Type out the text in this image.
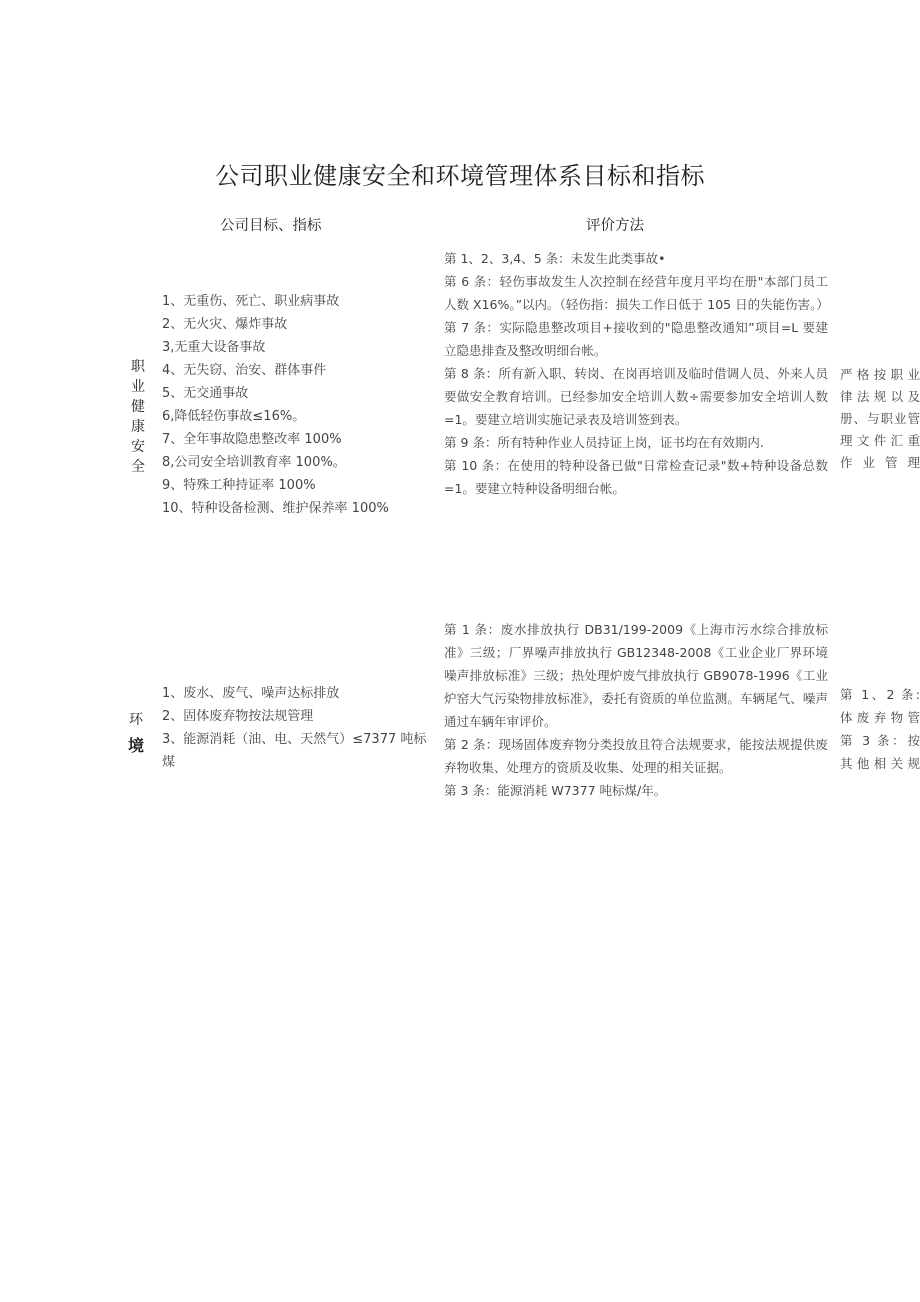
公司职业健康安全和环境管理体系目标和指标
公司目标、指标	评价方法
职业健康安全
1、无重伤、死亡、职业病事故
2、无火灾、爆炸事故
3,无重大设备事故
4、无失窃、治安、群体事件
5、无交通事故
6,降低轻伤事故≤16%。
7、全年事故隐患整改率 100%
8,公司安全培训教育率 100%。
9、特殊工种持证率 100%
10、特种设备检测、维护保养率 100%

第 1、2、3,4、5 条：未发生此类事故•

第 6 条：轻伤事故发生人次控制在经营年度月平均在册"本部门员工人数 X16%。”以内。（轻伤指：损失工作日低于 105 日的失能伤害。）

第 7 条：实际隐患整改项目+接收到的"隐患整改通知”项目=L 要建立隐患排查及整改明细台帐。

第 8 条：所有新入职、转岗、在岗再培训及临时借调人员、外来人员要做安全教育培训。已经参加安全培训人数÷需要参加安全培训人数=1。要建立培训实施记录表及培训签到表。

第 9 条：所有特种作业人员持证上岗，证书均在有效期内.

第 10 条：在使用的特种设备已做"日常检查记录"数+特种设备总数=1。要建立特种设备明细台帐。

严格按职业
律法规以及
册、与职业管
理文件汇重
作业管理
环
境
1、废水、废气、噪声达标排放
2、固体废弃物按法规管理
3、能源消耗（油、电、天然气）≤7377 吨标煤

第 1 条：废水排放执行 DB31/199-2009《上海市污水综合排放标准》三级；厂界噪声排放执行 GB12348-2008《工业企业厂界环境噪声排放标准》三级；热处理炉废气排放执行 GB9078-1996《工业炉窑大气污染物排放标准》，委托有资质的单位监测。车辆尾气、噪声通过车辆年审评价。

第 2 条：现场固体废弃物分类投放且符合法规要求，能按法规提供废弃物收集、处理方的资质及收集、处理的相关证据。

第 3 条：能源消耗 W7377 吨标煤/年。

第 1、2 条:
体废弃物管
第 3 条：按
其他相关规
